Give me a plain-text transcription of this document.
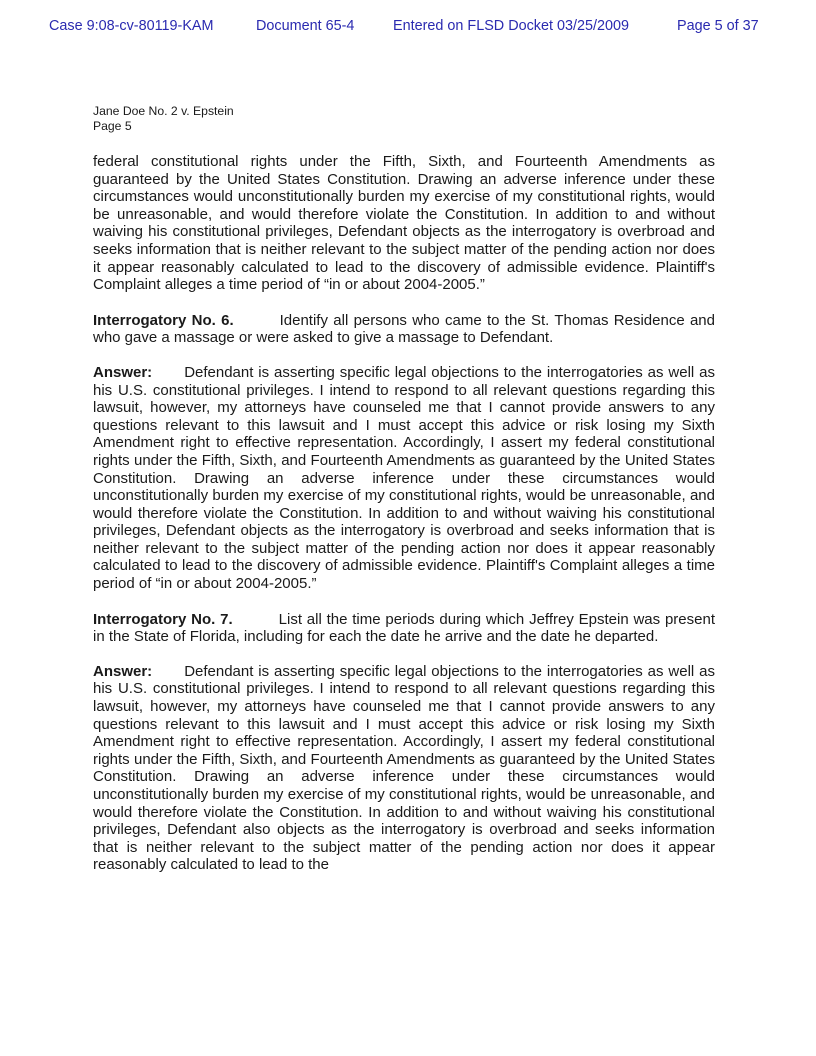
Case 9:08-cv-80119-KAM	Document 65-4	Entered on FLSD Docket 03/25/2009	Page 5 of 37
Jane Doe No. 2 v. Epstein
Page 5

federal constitutional rights under the Fifth, Sixth, and Fourteenth Amendments as guaranteed by the United States Constitution. Drawing an adverse inference under these circumstances would unconstitutionally burden my exercise of my constitutional rights, would be unreasonable, and would therefore violate the Constitution. In addition to and without waiving his constitutional privileges, Defendant objects as the interrogatory is overbroad and seeks information that is neither relevant to the subject matter of the pending action nor does it appear reasonably calculated to lead to the discovery of admissible evidence. Plaintiff's Complaint alleges a time period of “in or about 2004-2005.”

Interrogatory No. 6.	Identify all persons who came to the St. Thomas Residence and who gave a massage or were asked to give a massage to Defendant.

Answer: Defendant is asserting specific legal objections to the interrogatories as well as his U.S. constitutional privileges. I intend to respond to all relevant questions regarding this lawsuit, however, my attorneys have counseled me that I cannot provide answers to any questions relevant to this lawsuit and I must accept this advice or risk losing my Sixth Amendment right to effective representation. Accordingly, I assert my federal constitutional rights under the Fifth, Sixth, and Fourteenth Amendments as guaranteed by the United States Constitution. Drawing an adverse inference under these circumstances would unconstitutionally burden my exercise of my constitutional rights, would be unreasonable, and would therefore violate the Constitution. In addition to and without waiving his constitutional privileges, Defendant objects as the interrogatory is overbroad and seeks information that is neither relevant to the subject matter of the pending action nor does it appear reasonably calculated to lead to the discovery of admissible evidence. Plaintiff's Complaint alleges a time period of “in or about 2004-2005.”

Interrogatory No. 7.	List all the time periods during which Jeffrey Epstein was present in the State of Florida, including for each the date he arrive and the date he departed.

Answer: Defendant is asserting specific legal objections to the interrogatories as well as his U.S. constitutional privileges. I intend to respond to all relevant questions regarding this lawsuit, however, my attorneys have counseled me that I cannot provide answers to any questions relevant to this lawsuit and I must accept this advice or risk losing my Sixth Amendment right to effective representation. Accordingly, I assert my federal constitutional rights under the Fifth, Sixth, and Fourteenth Amendments as guaranteed by the United States Constitution. Drawing an adverse inference under these circumstances would unconstitutionally burden my exercise of my constitutional rights, would be unreasonable, and would therefore violate the Constitution. In addition to and without waiving his constitutional privileges, Defendant also objects as the interrogatory is overbroad and seeks information that is neither relevant to the subject matter of the pending action nor does it appear reasonably calculated to lead to the
